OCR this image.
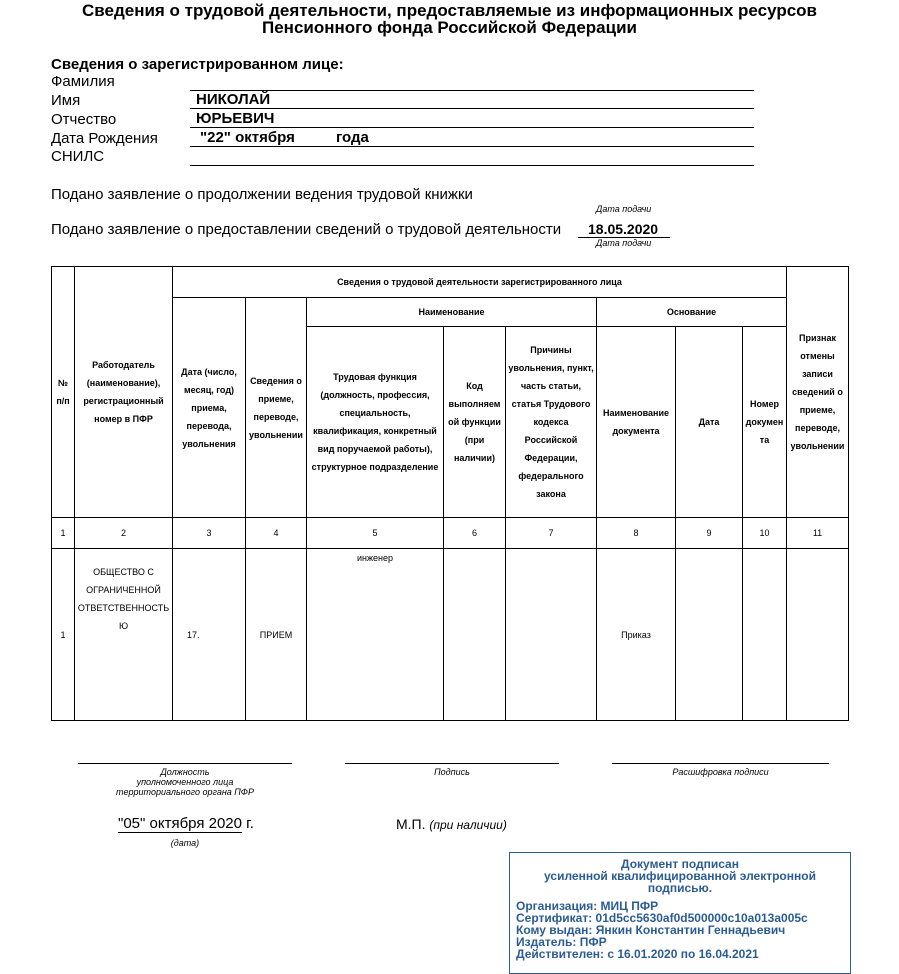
Сведения о трудовой деятельности, предоставляемые из информационных ресурсов
Пенсионного фонда Российской Федерации
Сведения о зарегистрированном лице:
Фамилия
Имя	НИКОЛАЙ
Отчество	ЮРЬЕВИЧ
Дата Рождения	"22" октября	года
СНИЛС
Подано заявление о продолжении ведения трудовой книжки
Дата подачи
Подано заявление о предоставлении сведений о трудовой деятельности 18.05.2020
Дата подачи
№ п/п	Работодатель (наименование), регистрационный номер в ПФР	Сведения о трудовой деятельности зарегистрированного лица								Признак отмены записи сведений о приеме, переводе, увольнении
		Дата (число, месяц, год) приема, перевода, увольнения	Сведения о приеме, переводе, увольнении	Наименование			Основание			
				Трудовая функция (должность, профессия, специальность, квалификация, конкретный вид поручаемой работы), структурное подразделение	Код выполняемой функции (при наличии)	Причины увольнения, пункт, часть статьи, статья Трудового кодекса Российской Федерации, федерального закона	Наименование документа	Дата	Номер документа	
1	2	3	4	5	6	7	8	9	10	11
1	ОБЩЕСТВО С ОГРАНИЧЕННОЙ ОТВЕТСТВЕННОСТЬЮ	17.	ПРИЕМ	инженер			Приказ			
Должность
уполномоченного лица
территориального органа ПФР
Подпись	Расшифровка подписи
"05" октября 2020 г.
(дата)
М.П. (при наличии)
Документ подписан
усиленной квалифицированной электронной
подписью.
Организация: МИЦ ПФР
Сертификат: 01d5cc5630af0d500000c10a013a005c
Кому выдан: Янкин Константин Геннадьевич
Издатель: ПФР
Действителен: с 16.01.2020 по 16.04.2021
